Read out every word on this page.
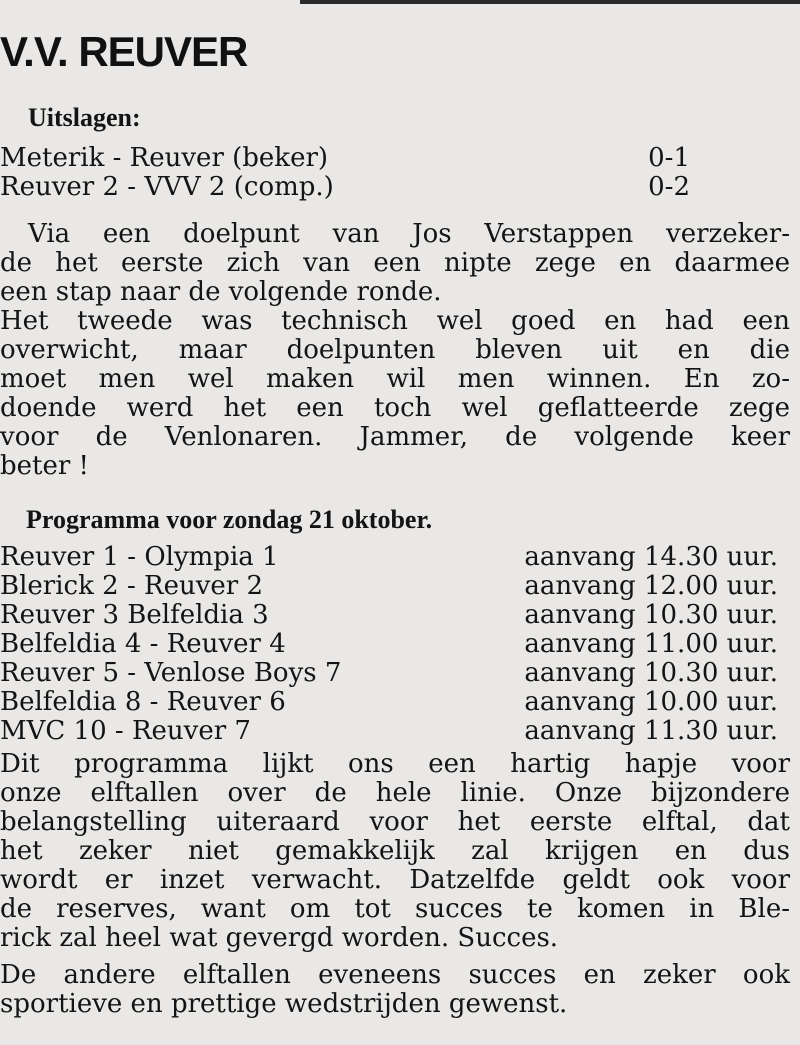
V.V. REUVER
Uitslagen:
Meterik - Reuver (beker)	0-1
Reuver 2 - VVV 2 (comp.)	0-2
Via een doelpunt van Jos Verstappen verzeker-
de het eerste zich van een nipte zege en daarmee
een stap naar de volgende ronde.
Het tweede was technisch wel goed en had een
overwicht, maar doelpunten bleven uit en die
moet men wel maken wil men winnen. En zo-
doende werd het een toch wel geflatteerde zege
voor de Venlonaren. Jammer, de volgende keer
beter !
Programma voor zondag 21 oktober.
Reuver 1 - Olympia 1	aanvang 14.30 uur.
Blerick 2 - Reuver 2	aanvang 12.00 uur.
Reuver 3 Belfeldia 3	aanvang 10.30 uur.
Belfeldia 4 - Reuver 4	aanvang 11.00 uur.
Reuver 5 - Venlose Boys 7	aanvang 10.30 uur.
Belfeldia 8 - Reuver 6	aanvang 10.00 uur.
MVC 10 - Reuver 7	aanvang 11.30 uur.
Dit programma lijkt ons een hartig hapje voor
onze elftallen over de hele linie. Onze bijzondere
belangstelling uiteraard voor het eerste elftal, dat
het zeker niet gemakkelijk zal krijgen en dus
wordt er inzet verwacht. Datzelfde geldt ook voor
de reserves, want om tot succes te komen in Ble-
rick zal heel wat gevergd worden. Succes.
De andere elftallen eveneens succes en zeker ook
sportieve en prettige wedstrijden gewenst.
